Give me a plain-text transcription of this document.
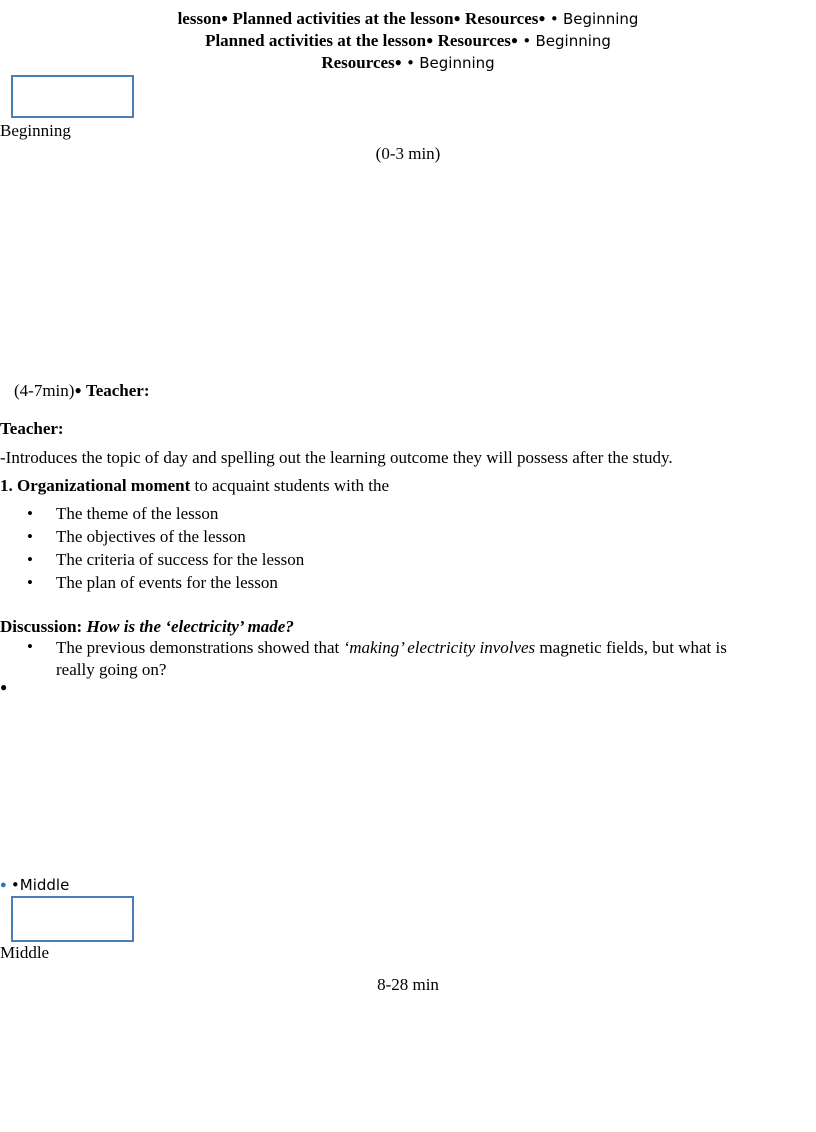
lesson● Planned activities at the lesson● Resources● • Beginning
Planned activities at the lesson● Resources● • Beginning
Resources● • Beginning
Beginning
(0-3 min)
(4-7min)● Teacher:
Teacher:
-Introduces the topic of day and spelling out the learning outcome they will possess after the study.
1. Organizational moment to acquaint students with the
• The theme of the lesson
• The objectives of the lesson
• The criteria of success for the lesson
• The plan of events for the lesson
Discussion: How is the ‘electricity’ made?
• The previous demonstrations showed that ‘making’ electricity involves magnetic fields, but what is
really going on?
●
● •Middle
Middle
8-28 min
